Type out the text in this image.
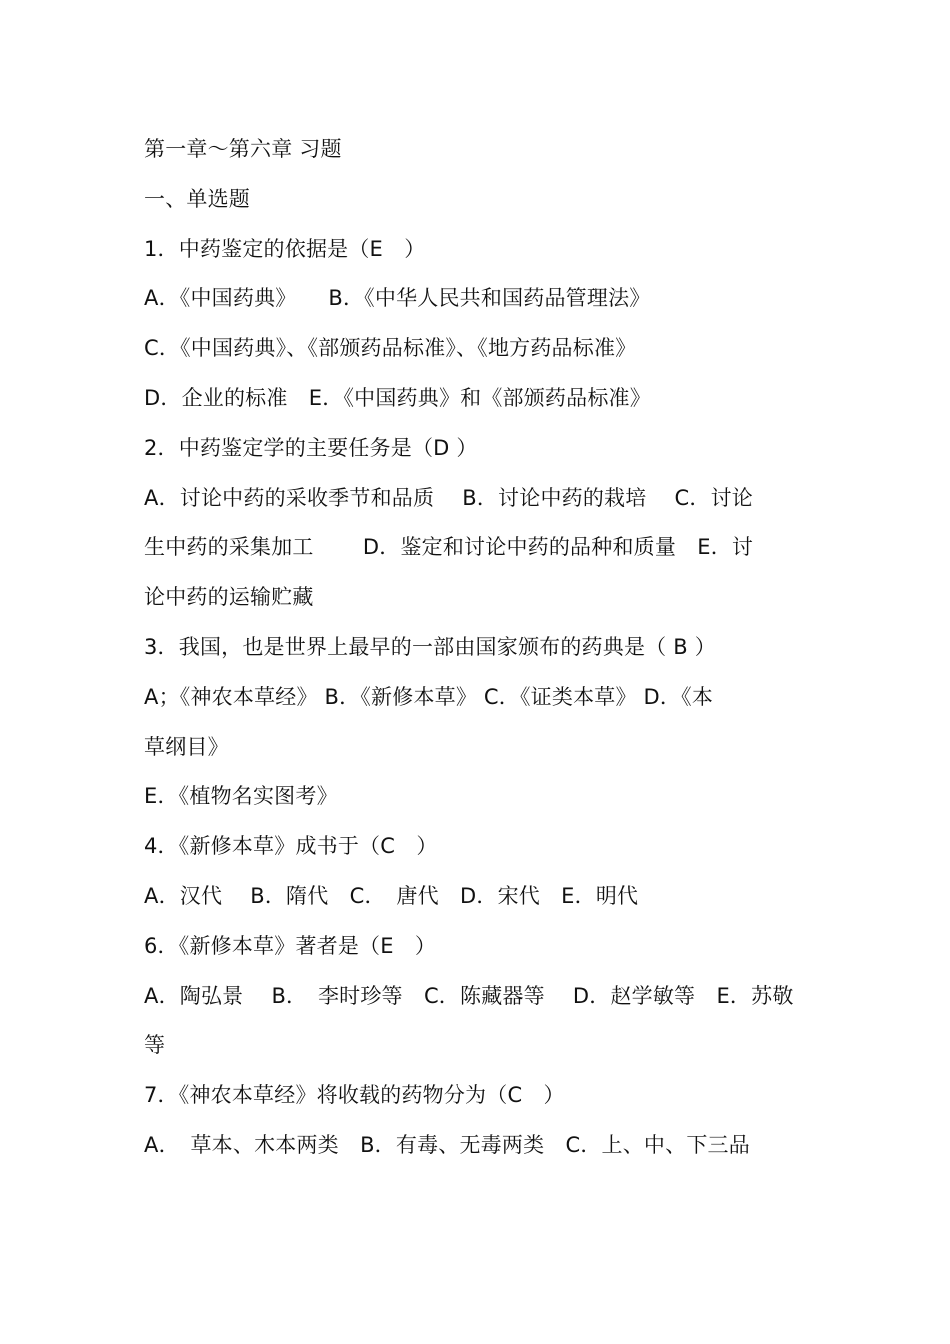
第一章～第六章 习题

一、单选题

1．中药鉴定的依据是（E　）

A．《中国药典》　　B．《中华人民共和国药品管理法》

C．《中国药典》、《部颁药品标准》、《地方药品标准》

D．企业的标准　E．《中国药典》和《部颁药品标准》

2．中药鉴定学的主要任务是（D ）

A．讨论中药的采收季节和品质　 B．讨论中药的栽培　 C．讨论

生中药的采集加工　　 D．鉴定和讨论中药的品种和质量　E．讨

论中药的运输贮藏

3．我国，也是世界上最早的一部由国家颁布的药典是（ B ）

A；《神农本草经》 B．《新修本草》 C．《证类本草》 D．《本

草纲目》

E．《植物名实图考》

4．《新修本草》成书于（C　）

A．汉代　 B．隋代　C．　唐代　D．宋代　E．明代

6．《新修本草》著者是（E　）

A．陶弘景　 B．　李时珍等　C．陈藏器等　 D．赵学敏等　E．苏敬

等

7．《神农本草经》将收载的药物分为（C　）

A．　草本、木本两类　B．有毒、无毒两类　C．上、中、下三品
